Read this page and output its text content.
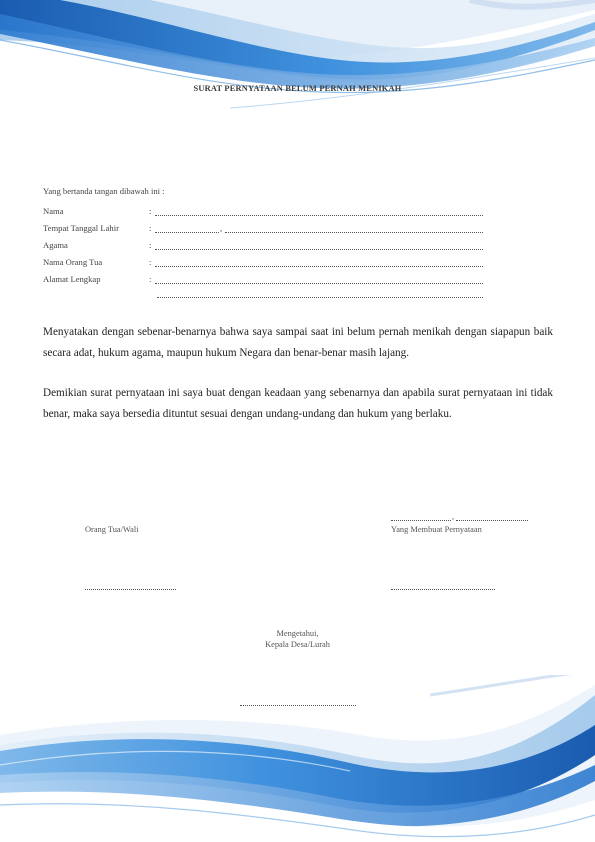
SURAT PERNYATAAN BELUM PERNAH MENIKAH
Yang bertanda tangan dibawah ini :
Nama	:
Tempat Tanggal Lahir	:	,
Agama	:
Nama Orang Tua	:
Alamat Lengkap	:
Menyatakan dengan sebenar-benarnya bahwa saya sampai saat ini belum pernah menikah dengan siapapun baik secara adat, hukum agama, maupun hukum Negara dan benar-benar masih lajang.
Demikian surat pernyataan ini saya buat dengan keadaan yang sebenarnya dan apabila surat pernyataan ini tidak benar, maka saya bersedia dituntut sesuai dengan undang-undang dan hukum yang berlaku.
,
Orang Tua/Wali	Yang Membuat Pernyataan
Mengetahui,
Kepala Desa/Lurah
